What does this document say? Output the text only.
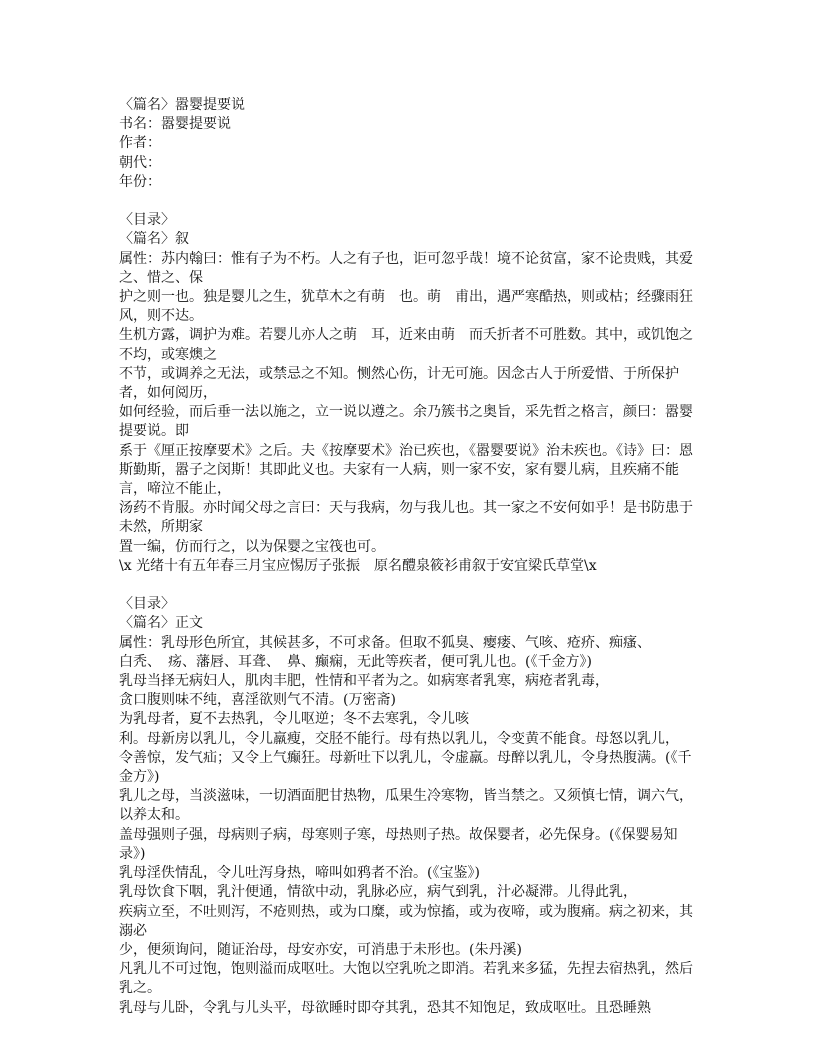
〈篇名〉嚣婴提要说
书名：嚣婴提要说
作者：
朝代：
年份：
〈目录〉
〈篇名〉叙
属性：苏内翰曰：惟有子为不朽。人之有子也，讵可忽乎哉！境不论贫富，家不论贵贱，其爱之、惜之、保
护之则一也。独是婴儿之生，犹草木之有萌　也。萌　甫出，遇严寒酷热，则或枯；经骤雨狂风，则不达。
生机方露，调护为难。若婴儿亦人之萌　耳，近来由萌　而夭折者不可胜数。其中，或饥饱之不均，或寒燠之
不节，或调养之无法，或禁忌之不知。恻然心伤，计无可施。因念古人于所爱惜、于所保护者，如何阅历，
如何经验，而后垂一法以施之，立一说以遵之。余乃簇书之奥旨，采先哲之格言，颜曰：嚣婴提要说。即
系于《厘正按摩要术》之后。夫《按摩要术》治已疾也，《嚣婴要说》治未疾也。《诗》曰：恩斯勤斯，嚣子之闵斯！其即此义也。夫家有一人病，则一家不安，家有婴儿病，且疾痛不能言，啼泣不能止，
汤药不肯服。亦时闻父母之言曰：天与我病，勿与我儿也。其一家之不安何如乎！是书防患于未然，所期家
置一编，仿而行之，以为保婴之宝筏也可。
\x 光绪十有五年春三月宝应惕厉子张振　原名醴泉筱衫甫叙于安宜梁氏草堂\x
〈目录〉
〈篇名〉正文
属性：乳母形色所宜，其候甚多，不可求备。但取不狐臭、瘿瘘、气咳、疮疥、痴瘙、
白秃、　疡、藩唇、耳聋、　鼻、癫痫，无此等疾者，便可乳儿也。(《千金方》)
乳母当择无病妇人，肌肉丰肥，性情和平者为之。如病寒者乳寒，病疮者乳毒，
贪口腹则味不纯，喜淫欲则气不清。(万密斋)
为乳母者，夏不去热乳，令儿呕逆；冬不去寒乳，令儿咳
利。母新房以乳儿，令儿羸瘦，交胫不能行。母有热以乳儿，令变黄不能食。母怒以乳儿，
令善惊，发气疝；又令上气癫狂。母新吐下以乳儿，令虚羸。母醉以乳儿，令身热腹满。(《千金方》)
乳儿之母，当淡滋味，一切酒面肥甘热物，瓜果生冷寒物，皆当禁之。又须慎七情，调六气，以养太和。
盖母强则子强，母病则子病，母寒则子寒，母热则子热。故保婴者，必先保身。(《保婴易知录》)
乳母淫佚情乱，令儿吐泻身热，啼叫如鸦者不治。(《宝鉴》)
乳母饮食下咽，乳汁便通，情欲中动，乳脉必应，病气到乳，汁必凝滞。儿得此乳，
疾病立至，不吐则泻，不疮则热，或为口糜，或为惊搐，或为夜啼，或为腹痛。病之初来，其溺必
少，便须询问，随证治母，母安亦安，可消患于未形也。(朱丹溪)
凡乳儿不可过饱，饱则溢而成呕吐。大饱以空乳吮之即消。若乳来多猛，先捏去宿热乳，然后乳之。
乳母与儿卧，令乳与儿头平，母欲睡时即夺其乳，恐其不知饱足，致成呕吐。且恐睡熟
